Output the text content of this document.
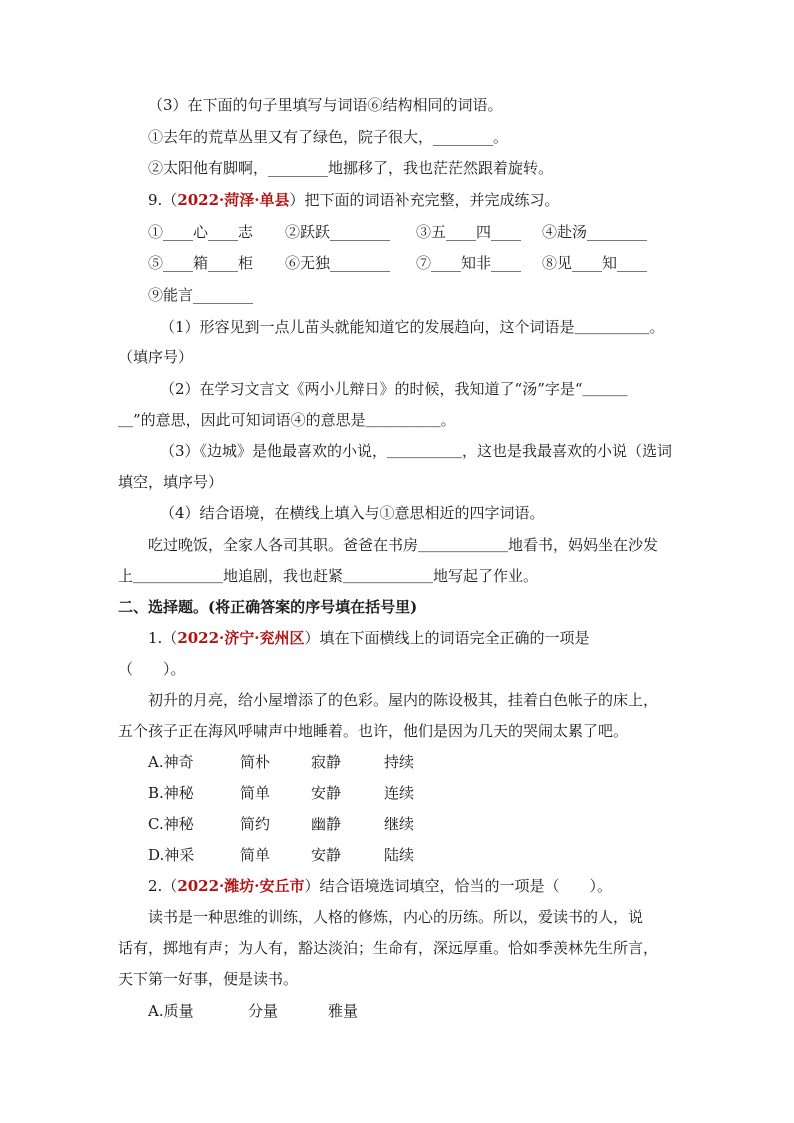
（3）在下面的句子里填写与词语⑥结构相同的词语。
①去年的荒草丛里又有了绿色，院子很大，________。
②太阳他有脚啊，________地挪移了，我也茫茫然跟着旋转。
9.（2022·菏泽·单县）把下面的词语补充完整，并完成练习。
①____心____志 ②跃跃________ ③五____四____ ④赴汤________
⑤____箱____柜 ⑥无独________ ⑦____知非____ ⑧见____知____
⑨能言________
（1）形容见到一点儿苗头就能知道它的发展趋向，这个词语是＿＿＿＿＿。
（填序号）
（2）在学习文言文《两小儿辩日》的时候，我知道了“汤”字是“＿＿＿
＿”的意思，因此可知词语④的意思是＿＿＿＿＿。
（3）《边城》是他最喜欢的小说，＿＿＿＿＿，这也是我最喜欢的小说（选词
填空，填序号）
（4）结合语境，在横线上填入与①意思相近的四字词语。
吃过晚饭，全家人各司其职。爸爸在书房＿＿＿＿＿＿地看书，妈妈坐在沙发
上＿＿＿＿＿＿地追剧，我也赶紧＿＿＿＿＿＿地写起了作业。
二、选择题。(将正确答案的序号填在括号里)
1.（2022·济宁·兖州区）填在下面横线上的词语完全正确的一项是
（　　）。
初升的月亮，给小屋增添了的色彩。屋内的陈设极其，挂着白色帐子的床上，
五个孩子正在海风呼啸声中地睡着。也许，他们是因为几天的哭闹太累了吧。
A.神奇	简朴	寂静	持续
B.神秘	简单	安静	连续
C.神秘	简约	幽静	继续
D.神采	简单	安静	陆续
2.（2022·潍坊·安丘市）结合语境选词填空，恰当的一项是（　　）。
读书是一种思维的训练，人格的修炼，内心的历练。所以，爱读书的人，说
话有，掷地有声；为人有，豁达淡泊；生命有，深远厚重。恰如季羡林先生所言，
天下第一好事，便是读书。
A.质量	分量	雅量
